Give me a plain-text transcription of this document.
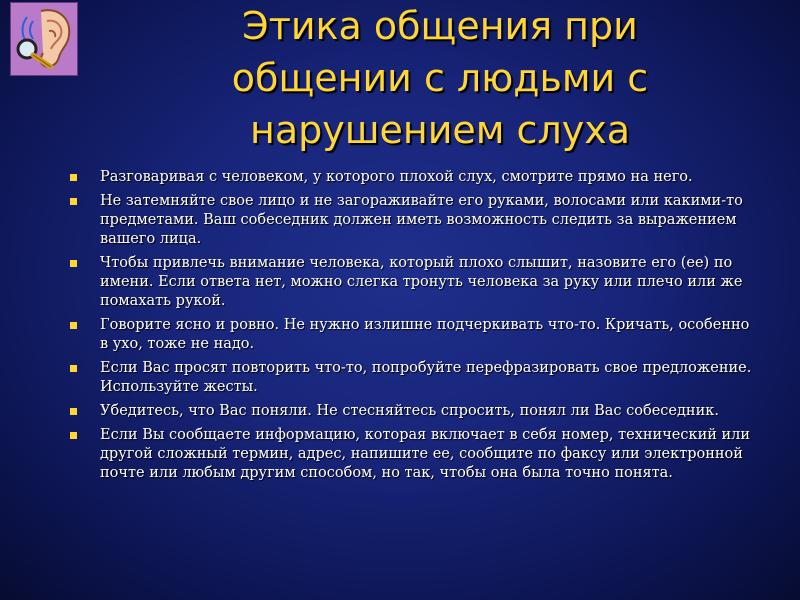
Этика общения при
общении с людьми с
нарушением слуха
Разговаривая с человеком, у которого плохой слух, смотрите прямо на него.
Не затемняйте свое лицо и не загораживайте его руками, волосами или какими-то предметами. Ваш собеседник должен иметь возможность следить за выражением вашего лица.
Чтобы привлечь внимание человека, который плохо слышит, назовите его (ее) по имени. Если ответа нет, можно слегка тронуть человека за руку или плечо или же помахать рукой.
Говорите ясно и ровно. Не нужно излишне подчеркивать что-то. Кричать, особенно в ухо, тоже не надо.
Если Вас просят повторить что-то, попробуйте перефразировать свое предложение. Используйте жесты.
Убедитесь, что Вас поняли. Не стесняйтесь спросить, понял ли Вас собеседник.
Если Вы сообщаете информацию, которая включает в себя номер, технический или другой сложный термин, адрес, напишите ее, сообщите по факсу или электронной почте или любым другим способом, но так, чтобы она была точно понята.
